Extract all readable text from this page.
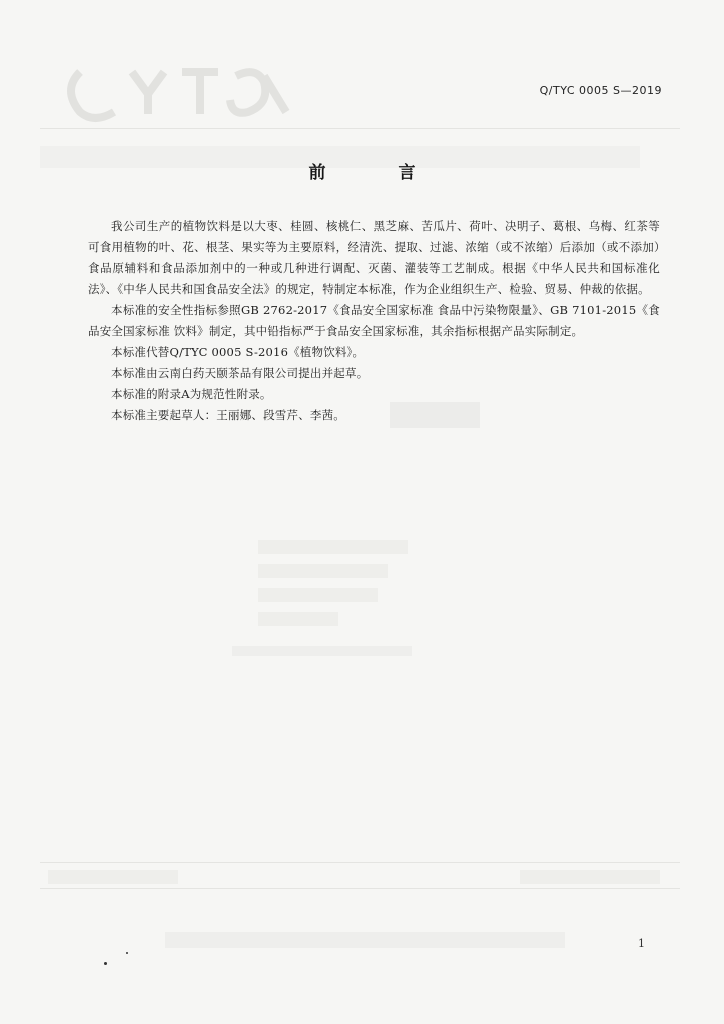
Q/TYC 0005 S—2019
前　言

我公司生产的植物饮料是以大枣、桂圆、核桃仁、黑芝麻、苦瓜片、荷叶、决明子、葛根、乌梅、红茶等可食用植物的叶、花、根茎、果实等为主要原料，经清洗、提取、过滤、浓缩（或不浓缩）后添加（或不添加）食品原辅料和食品添加剂中的一种或几种进行调配、灭菌、灌装等工艺制成。根据《中华人民共和国标准化法》、《中华人民共和国食品安全法》的规定，特制定本标准，作为企业组织生产、检验、贸易、仲裁的依据。

本标准的安全性指标参照GB 2762-2017《食品安全国家标准 食品中污染物限量》、GB 7101-2015《食品安全国家标准 饮料》制定，其中铅指标严于食品安全国家标准，其余指标根据产品实际制定。

本标准代替Q/TYC 0005 S-2016《植物饮料》。

本标准由云南白药天颐茶品有限公司提出并起草。

本标准的附录A为规范性附录。

本标准主要起草人：王丽娜、段雪芹、李茜。

1
